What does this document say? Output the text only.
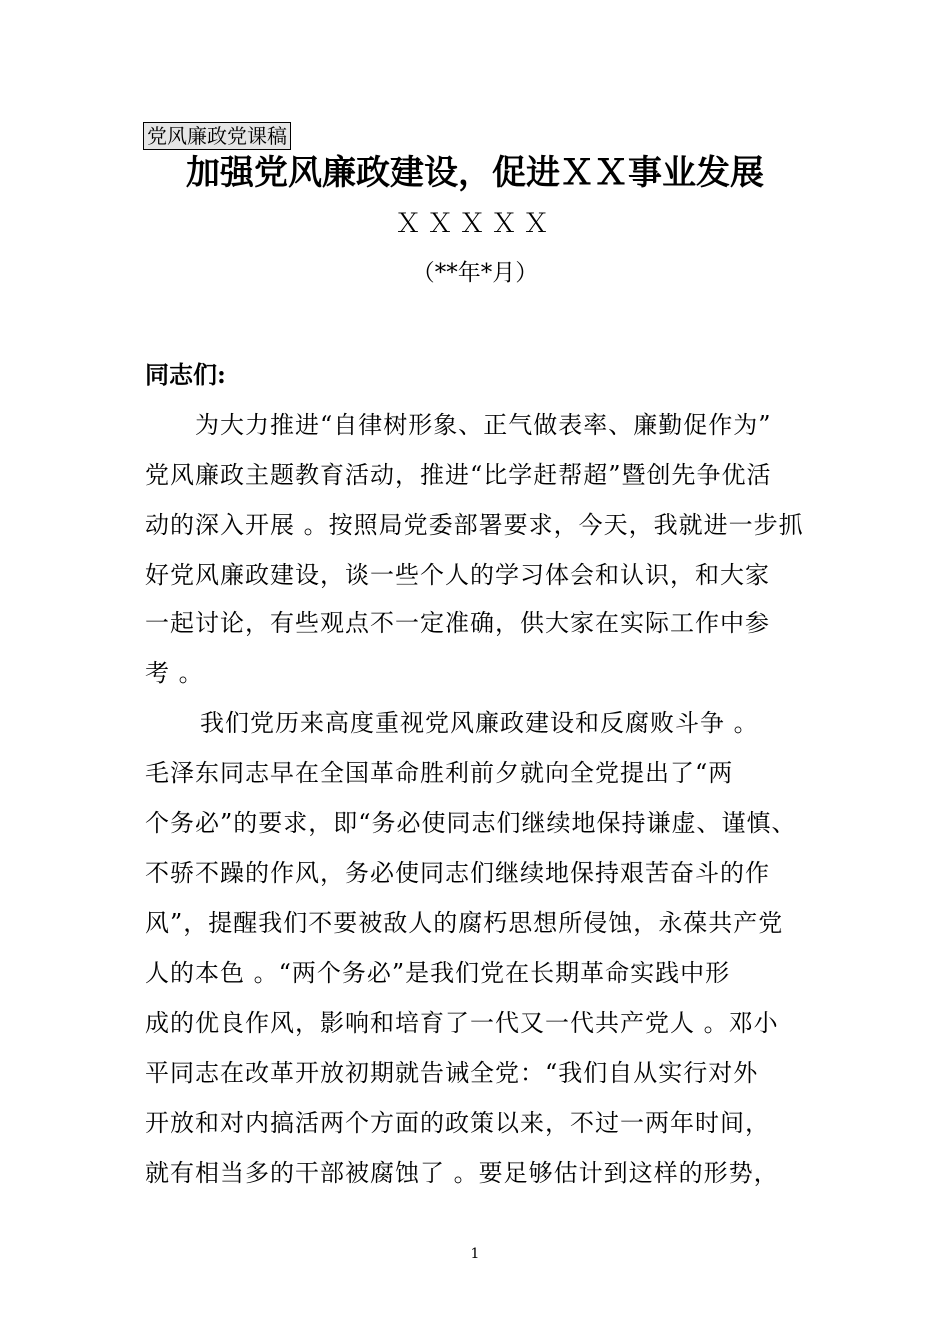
党风廉政党课稿
加强党风廉政建设，促进ＸＸ事业发展
ＸＸＸＸＸ
（**年*月）
同志们:
为大力推进“自律树形象、正气做表率、廉勤促作为”
党风廉政主题教育活动，推进“比学赶帮超”暨创先争优活
动的深入开展 。按照局党委部署要求，今天，我就进一步抓
好党风廉政建设，谈一些个人的学习体会和认识，和大家
一起讨论，有些观点不一定准确，供大家在实际工作中参
考 。
我们党历来高度重视党风廉政建设和反腐败斗争 。
毛泽东同志早在全国革命胜利前夕就向全党提出了“两
个务必”的要求，即“务必使同志们继续地保持谦虚、谨慎、
不骄不躁的作风，务必使同志们继续地保持艰苦奋斗的作
风”，提醒我们不要被敌人的腐朽思想所侵蚀，永葆共产党
人的本色 。“两个务必”是我们党在长期革命实践中形
成的优良作风，影响和培育了一代又一代共产党人 。邓小
平同志在改革开放初期就告诫全党：“我们自从实行对外
开放和对内搞活两个方面的政策以来，不过一两年时间，
就有相当多的干部被腐蚀了 。要足够估计到这样的形势，
1
